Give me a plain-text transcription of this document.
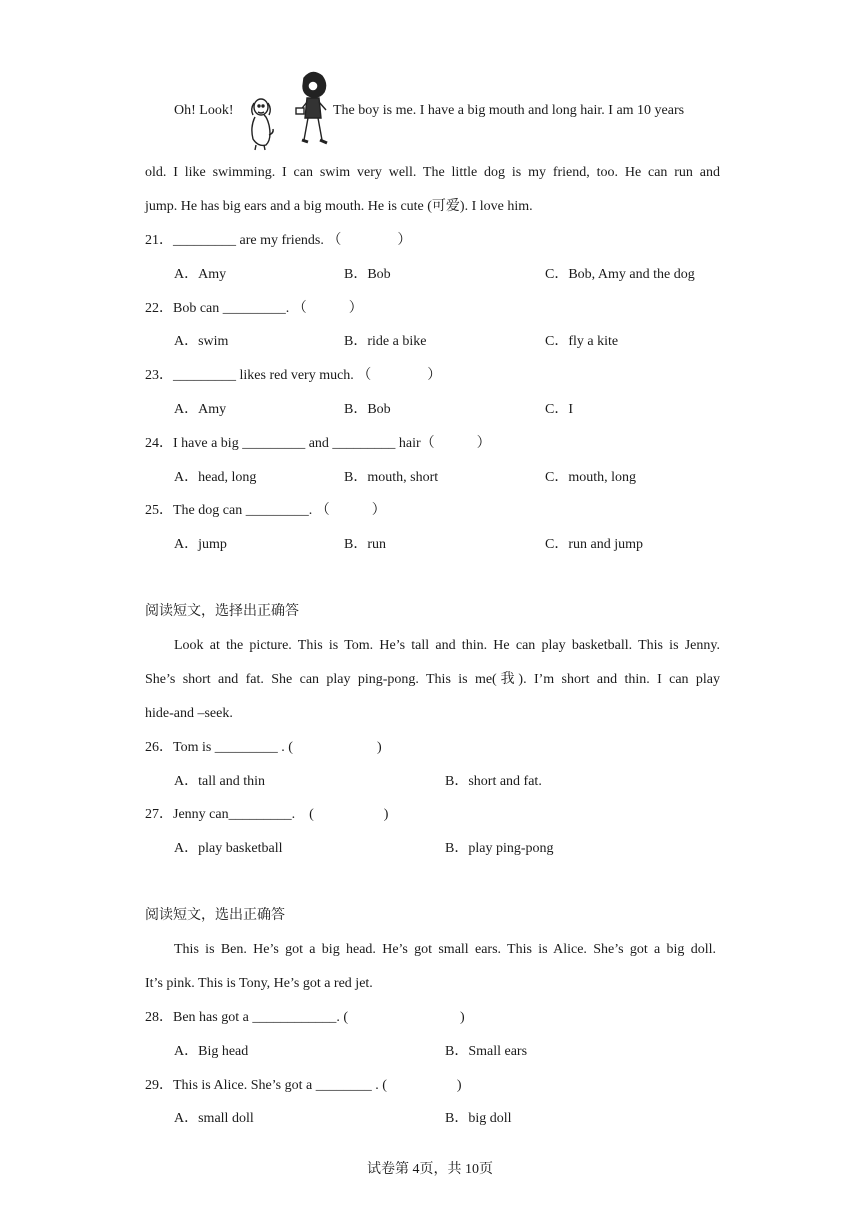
Oh! Look!	The boy is me. I have a big mouth and long hair. I am 10 years
old. I like swimming. I can swim very well. The little dog is my friend, too. He can run and
jump. He has big ears and a big mouth. He is cute (可爱). I love him.
21．_________ are my friends. （　　　　）
A．Amy	B．Bob	C．Bob, Amy and the dog
22．Bob can _________. （　　　）
A．swim	B．ride a bike	C．fly a kite
23．_________ likes red very much. （　　　　）
A．Amy	B．Bob	C．I
24．I have a big _________ and _________ hair（　　　）
A．head, long	B．mouth, short	C．mouth, long
25．The dog can _________. （　　　）
A．jump	B．run	C．run and jump
阅读短文，选择出正确答
Look at the picture. This is Tom. He’s tall and thin. He can play basketball. This is Jenny.
She’s short and fat. She can play ping-pong. This is me(我). I’m short and thin. I can play
hide-and –seek.
26．Tom is _________ . (　　　　　　)
A．tall and thin	B．short and fat.
27．Jenny can_________.　(　　　　　)
A．play basketball	B．play ping-pong
阅读短文，选出正确答
This is Ben. He’s got a big head. He’s got small ears. This is Alice. She’s got a big doll.
It’s pink. This is Tony, He’s got a red jet.
28．Ben has got a ____________. (　　　　　　　　)
A．Big head	B．Small ears
29．This is Alice. She’s got a ________ . (　　　　　)
A．small doll	B．big doll
试卷第 4页，共 10页
